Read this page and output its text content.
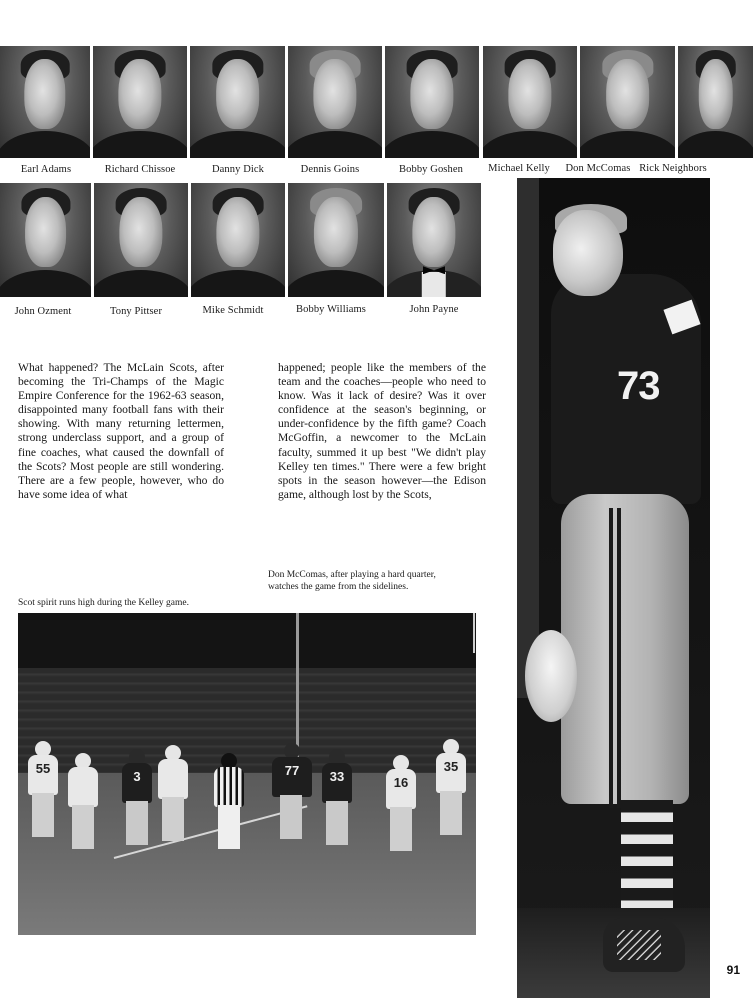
Earl Adams	Richard Chissoe	Danny Dick	Dennis Goins	Bobby Goshen	Michael Kelly	Don McComas Rick Neighbors
John Ozment	Tony Pittser	Mike Schmidt	Bobby Williams	John Payne

What happened? The McLain Scots, after becoming the Tri-Champs of the Magic Empire Conference for the 1962-63 season, disappointed many football fans with their showing. With many returning lettermen, strong underclass support, and a group of fine coaches, what caused the downfall of the Scots? Most people are still wondering. There are a few people, however, who do have some idea of what

happened; people like the members of the team and the coaches—people who need to know. Was it lack of desire? Was it over confidence at the season's beginning, or under-confidence by the fifth game? Coach McGoffin, a newcomer to the McLain faculty, summed it up best "We didn't play Kelley ten times." There were a few bright spots in the season however—the Edison game, although lost by the Scots,

Don McComas, after playing a hard quarter,
watches the game from the sidelines.
Scot spirit runs high during the Kelley game.
55
3	77	33	16
35
73
91
